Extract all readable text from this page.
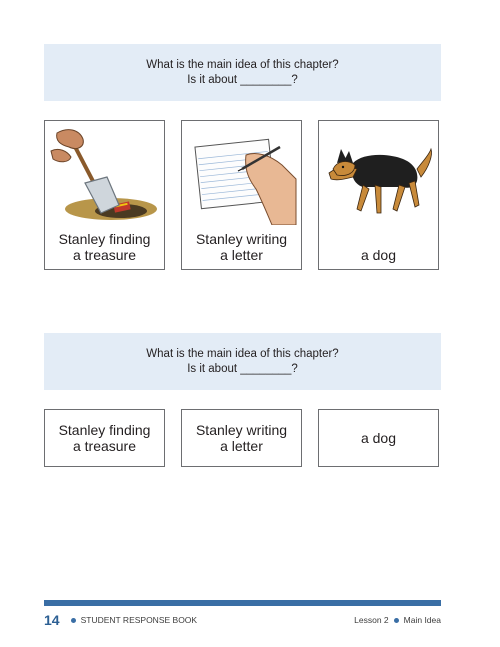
What is the main idea of this chapter?
Is it about ________?
Stanley finding
a treasure
Stanley writing
a letter	a dog
What is the main idea of this chapter?
Is it about ________?
Stanley finding
a treasure
Stanley writing
a letter	a dog
14 STUDENT RESPONSE BOOK	Lesson 2 Main Idea
